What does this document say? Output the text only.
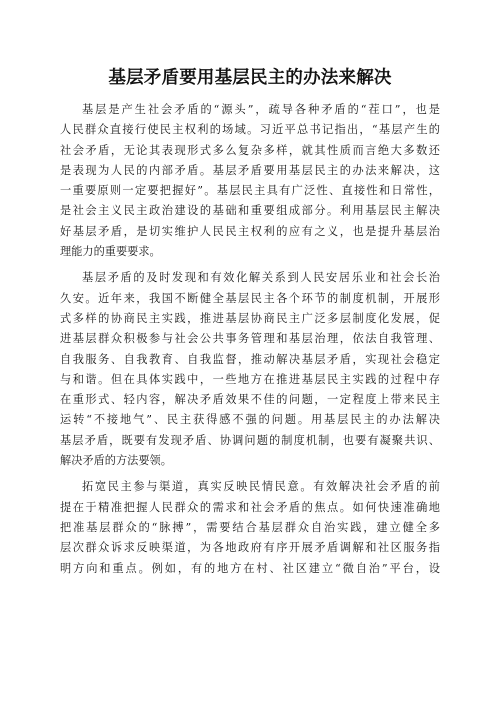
基层矛盾要用基层民主的办法来解决

基层是产生社会矛盾的“源头”，疏导各种矛盾的“茬口”，也是

人民群众直接行使民主权利的场域。习近平总书记指出，“基层产生的

社会矛盾，无论其表现形式多么复杂多样，就其性质而言绝大多数还

是表现为人民的内部矛盾。基层矛盾要用基层民主的办法来解决，这

一重要原则一定要把握好”。基层民主具有广泛性、直接性和日常性，

是社会主义民主政治建设的基础和重要组成部分。利用基层民主解决

好基层矛盾，是切实维护人民民主权利的应有之义，也是提升基层治

理能力的重要要求。

基层矛盾的及时发现和有效化解关系到人民安居乐业和社会长治

久安。近年来，我国不断健全基层民主各个环节的制度机制，开展形

式多样的协商民主实践，推进基层协商民主广泛多层制度化发展，促

进基层群众积极参与社会公共事务管理和基层治理，依法自我管理、

自我服务、自我教育、自我监督，推动解决基层矛盾，实现社会稳定

与和谐。但在具体实践中，一些地方在推进基层民主实践的过程中存

在重形式、轻内容，解决矛盾效果不佳的问题，一定程度上带来民主

运转“不接地气”、民主获得感不强的问题。用基层民主的办法解决

基层矛盾，既要有发现矛盾、协调问题的制度机制，也要有凝聚共识、

解决矛盾的方法要领。

拓宽民主参与渠道，真实反映民情民意。有效解决社会矛盾的前

提在于精准把握人民群众的需求和社会矛盾的焦点。如何快速准确地

把准基层群众的“脉搏”，需要结合基层群众自治实践，建立健全多

层次群众诉求反映渠道，为各地政府有序开展矛盾调解和社区服务指

明方向和重点。例如，有的地方在村、社区建立“微自治”平台，设
